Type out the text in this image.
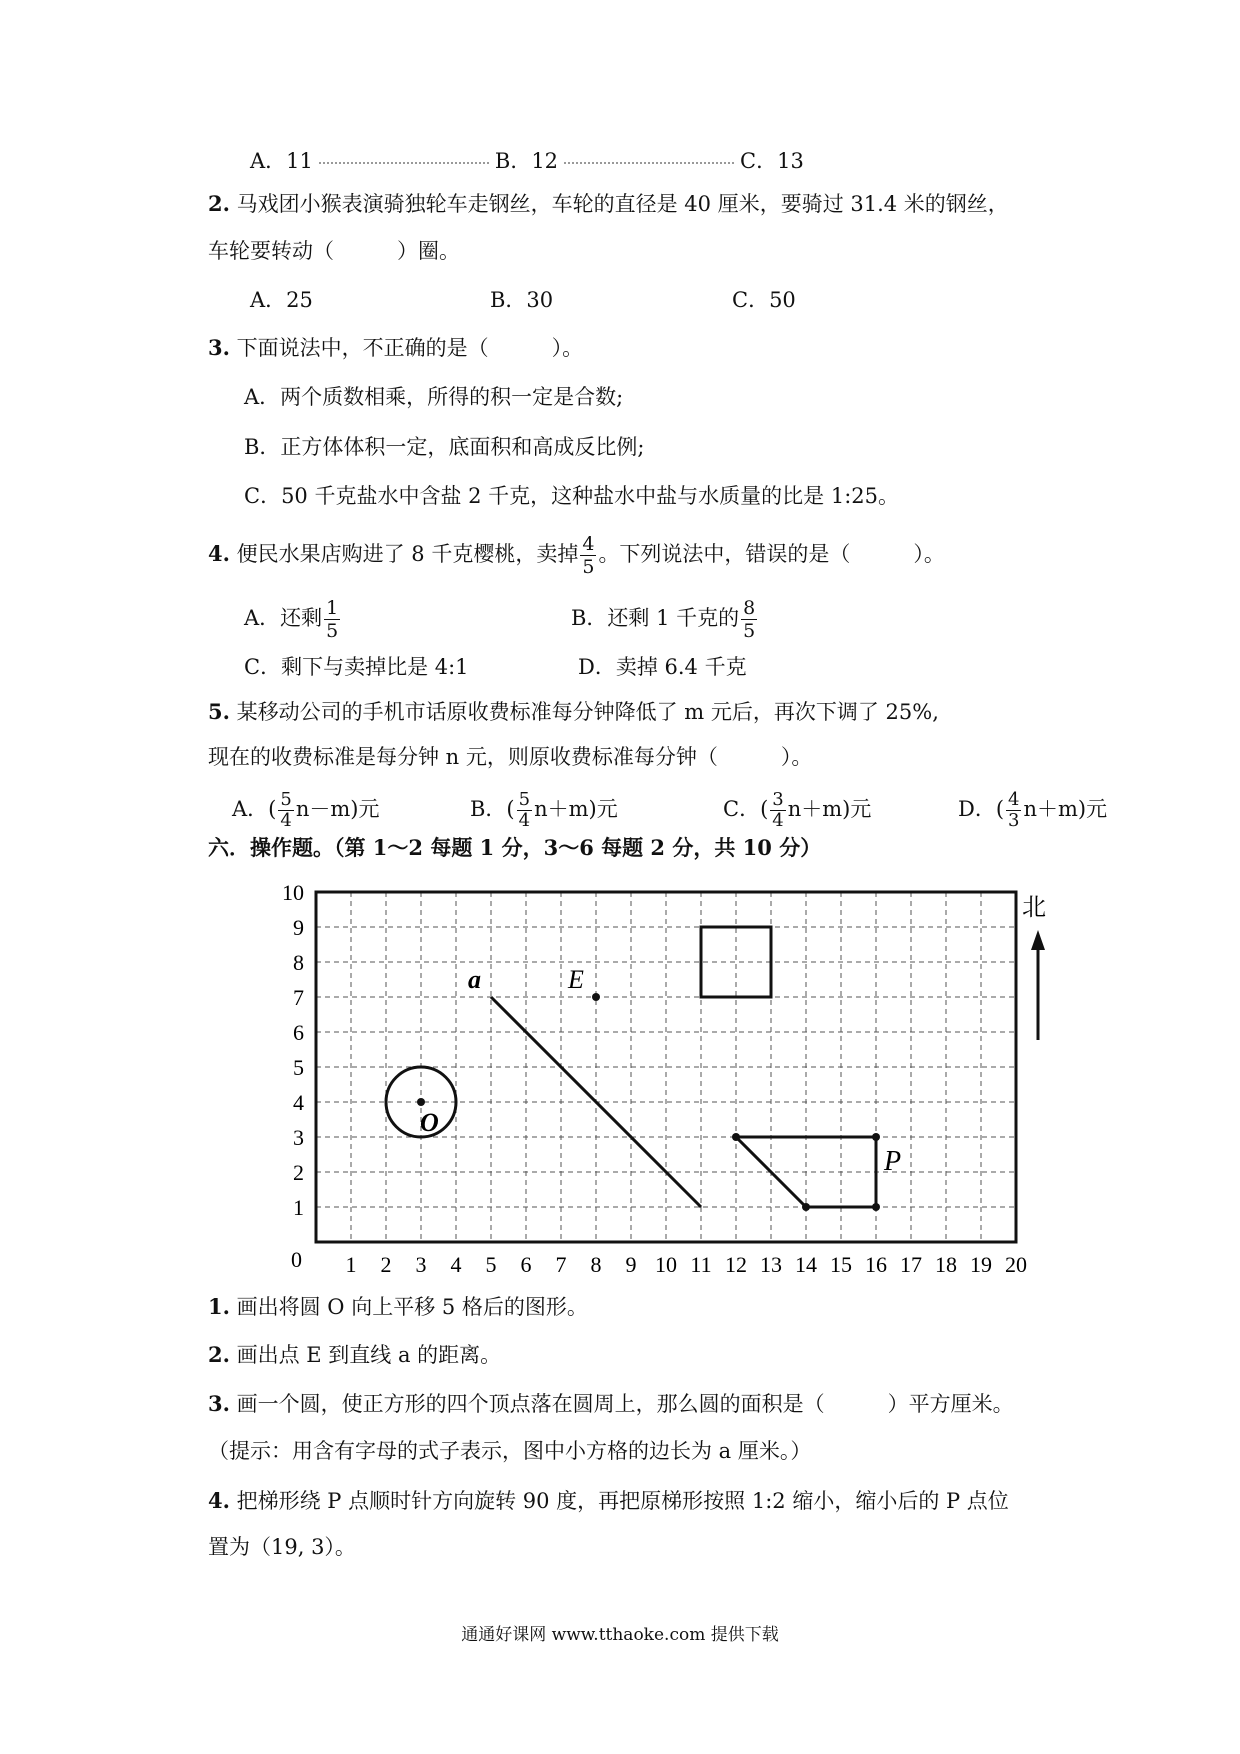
A．11	B．12	C．13
2. 马戏团小猴表演骑独轮车走钢丝，车轮的直径是 40 厘米，要骑过 31.4 米的钢丝，
车轮要转动（　　　）圈。
A．25	B．30	C．50
3. 下面说法中，不正确的是（　　　）。
A．两个质数相乘，所得的积一定是合数;
B．正方体体积一定，底面积和高成反比例;
C．50 千克盐水中含盐 2 千克，这种盐水中盐与水质量的比是 1:25。
4. 便民水果店购进了 8 千克樱桃，卖掉 $\frac{4}{5}$ 。下列说法中，错误的是（　　　）。
A．还剩 $\frac{1}{5}$	B．还剩 1 千克的 $\frac{8}{5}$
C．剩下与卖掉比是 4:1	D．卖掉 6.4 千克
5. 某移动公司的手机市话原收费标准每分钟降低了 m 元后，再次下调了 25%,
现在的收费标准是每分钟 n 元，则原收费标准每分钟（　　　）。
A．( $\frac{5}{4} n-m$)元	B．( $\frac{5}{4} n+m$)元	C．( $\frac{3}{4} n+m$)元	D．( $\frac{4}{3} n+m$)元
六．操作题。（第 1～2 每题 1 分，3～6 每题 2 分，共 10 分）
1 2 3 4 5 6 7 8 9 10 11 12 13 14 15 16 17 18 19 20
1
2
3
4
5
6
7
8
9
10
0
a	E
O
P
北
1. 画出将圆 O 向上平移 5 格后的图形。
2. 画出点 E 到直线 a 的距离。
3. 画一个圆，使正方形的四个顶点落在圆周上，那么圆的面积是（　　　）平方厘米。
（提示：用含有字母的式子表示，图中小方格的边长为 a 厘米。）
4. 把梯形绕 P 点顺时针方向旋转 90 度，再把原梯形按照 1:2 缩小，缩小后的 P 点位
置为（19, 3）。
通通好课网 www.tthaoke.com 提供下载
